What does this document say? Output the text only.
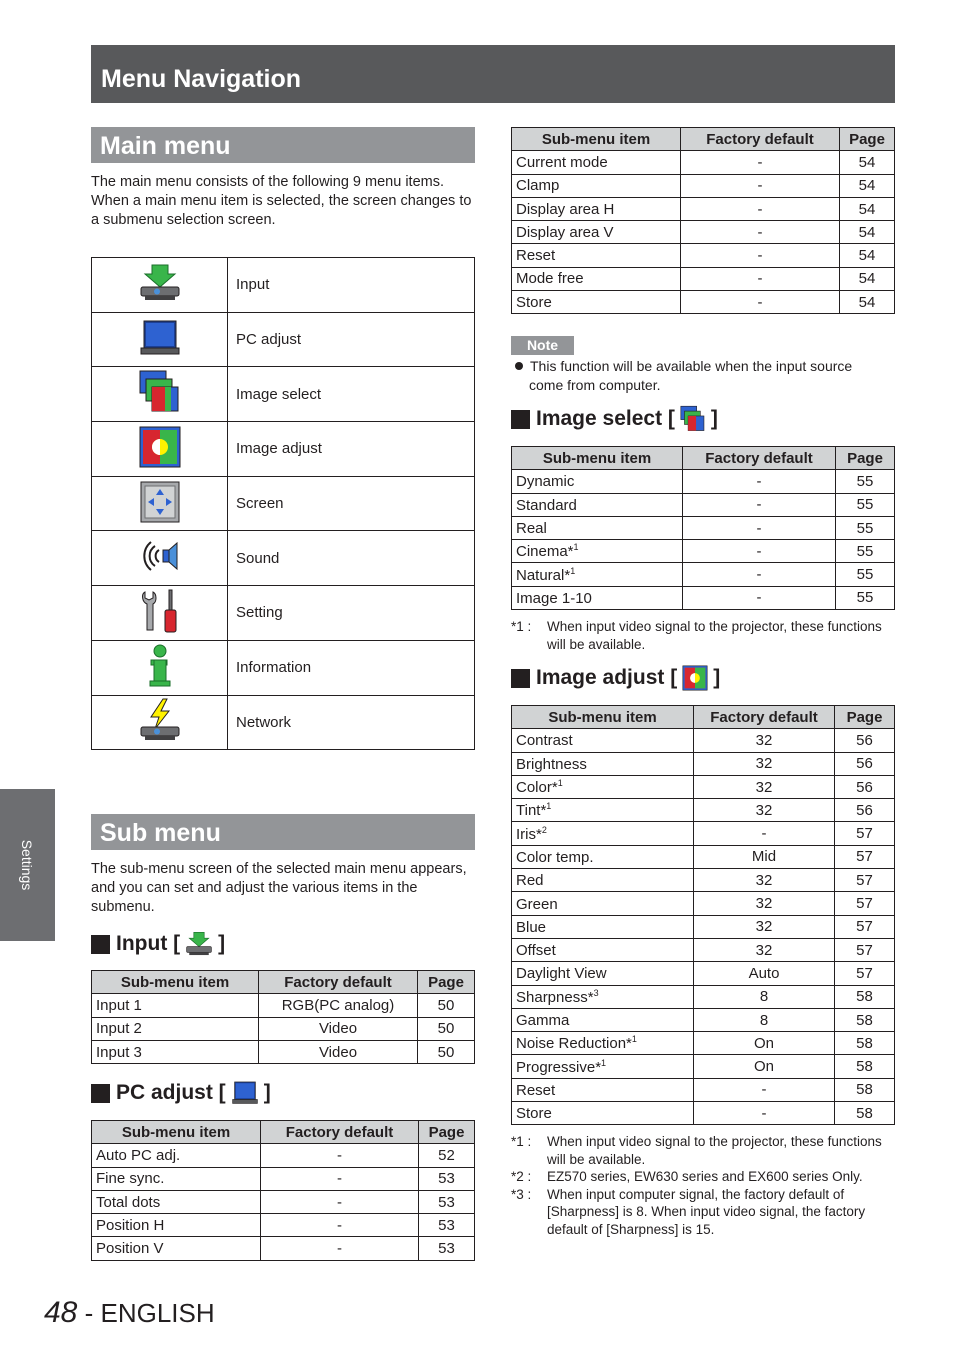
Menu Navigation
Settings
Main menu
The main menu consists of the following 9 menu items.
When a main menu item is selected, the screen changes to a submenu selection screen.
	Input
	PC adjust
	Image select
	Image adjust
	Screen
	Sound
	Setting
	Information
	Network
Sub menu
The sub-menu screen of the selected main menu appears, and you can set and adjust the various items in the submenu.
Input [ ]
Sub-menu item	Factory default	Page
Input 1	RGB(PC analog)	50
Input 2	Video	50
Input 3	Video	50
PC adjust [ ]
Sub-menu item	Factory default	Page
Auto PC adj.	-	52
Fine sync.	-	53
Total dots	-	53
Position H	-	53
Position V	-	53
Sub-menu item	Factory default	Page
Current mode	-	54
Clamp	-	54
Display area H	-	54
Display area V	-	54
Reset	-	54
Mode free	-	54
Store	-	54
Note
This function will be available when the input source
come from computer.
Image select [ ]
Sub-menu item	Factory default	Page
Dynamic	-	55
Standard	-	55
Real	-	55
Cinema*$^1$	-	55
Natural*$^1$	-	55
Image 1-10	-	55
*1 :	When input video signal to the projector, these functions will be available.
Image adjust [ ]
Sub-menu item	Factory default	Page
Contrast	32	56
Brightness	32	56
Color*$^1$	32	56
Tint*$^1$	32	56
Iris*$^2$	-	57
Color temp.	Mid	57
Red	32	57
Green	32	57
Blue	32	57
Offset	32	57
Daylight View	Auto	57
Sharpness*$^3$	8	58
Gamma	8	58
Noise Reduction*$^1$	On	58
Progressive*$^1$	On	58
Reset	-	58
Store	-	58
*1 :	When input video signal to the projector, these functions will be available.
*2 :	EZ570 series, EW630 series and EX600 series Only.
*3 :	When input computer signal, the factory default of [Sharpness] is 8. When input video signal, the factory default of [Sharpness] is 15.
48 - ENGLISH
